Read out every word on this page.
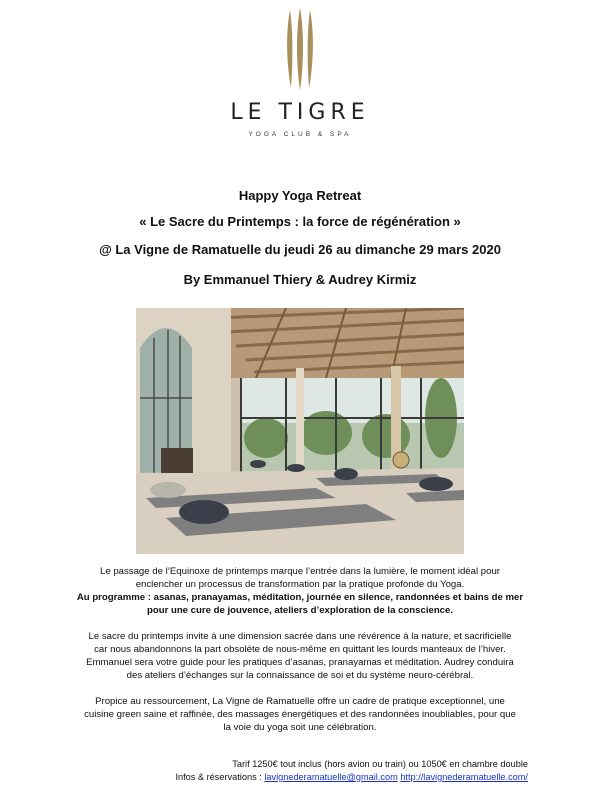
LE TIGRE
YOGA CLUB & SPA

Happy Yoga Retreat

« Le Sacre du Printemps : la force de régénération »

@ La Vigne de Ramatuelle du jeudi 26 au dimanche 29 mars 2020

By Emmanuel Thiery & Audrey Kirmiz

Le passage de l’Equinoxe de printemps marque l’entrée dans la lumière, le moment idéal pour

enclencher un processus de transformation par la pratique profonde du Yoga.

Au programme : asanas, pranayamas, méditation, journée en silence, randonnées et bains de mer

pour une cure de jouvence, ateliers d’exploration de la conscience.

Le sacre du printemps invite à une dimension sacrée dans une révérence à la nature, et sacrificielle

car nous abandonnons la part obsolète de nous-même en quittant les lourds manteaux de l’hiver.

Emmanuel sera votre guide pour les pratiques d’asanas, pranayamas et méditation. Audrey conduira

des ateliers d’échanges sur la connaissance de soi et du système neuro-cérébral.

Propice au ressourcement, La Vigne de Ramatuelle offre un cadre de pratique exceptionnel, une

cuisine green saine et raffinée, des massages énergétiques et des randonnées inoubliables, pour que

la voie du yoga soit une célébration.

Tarif 1250€ tout inclus (hors avion ou train) ou 1050€ en chambre double
Infos & réservations : lavignederamatuelle@gmail.com http://lavignederamatuelle.com/
